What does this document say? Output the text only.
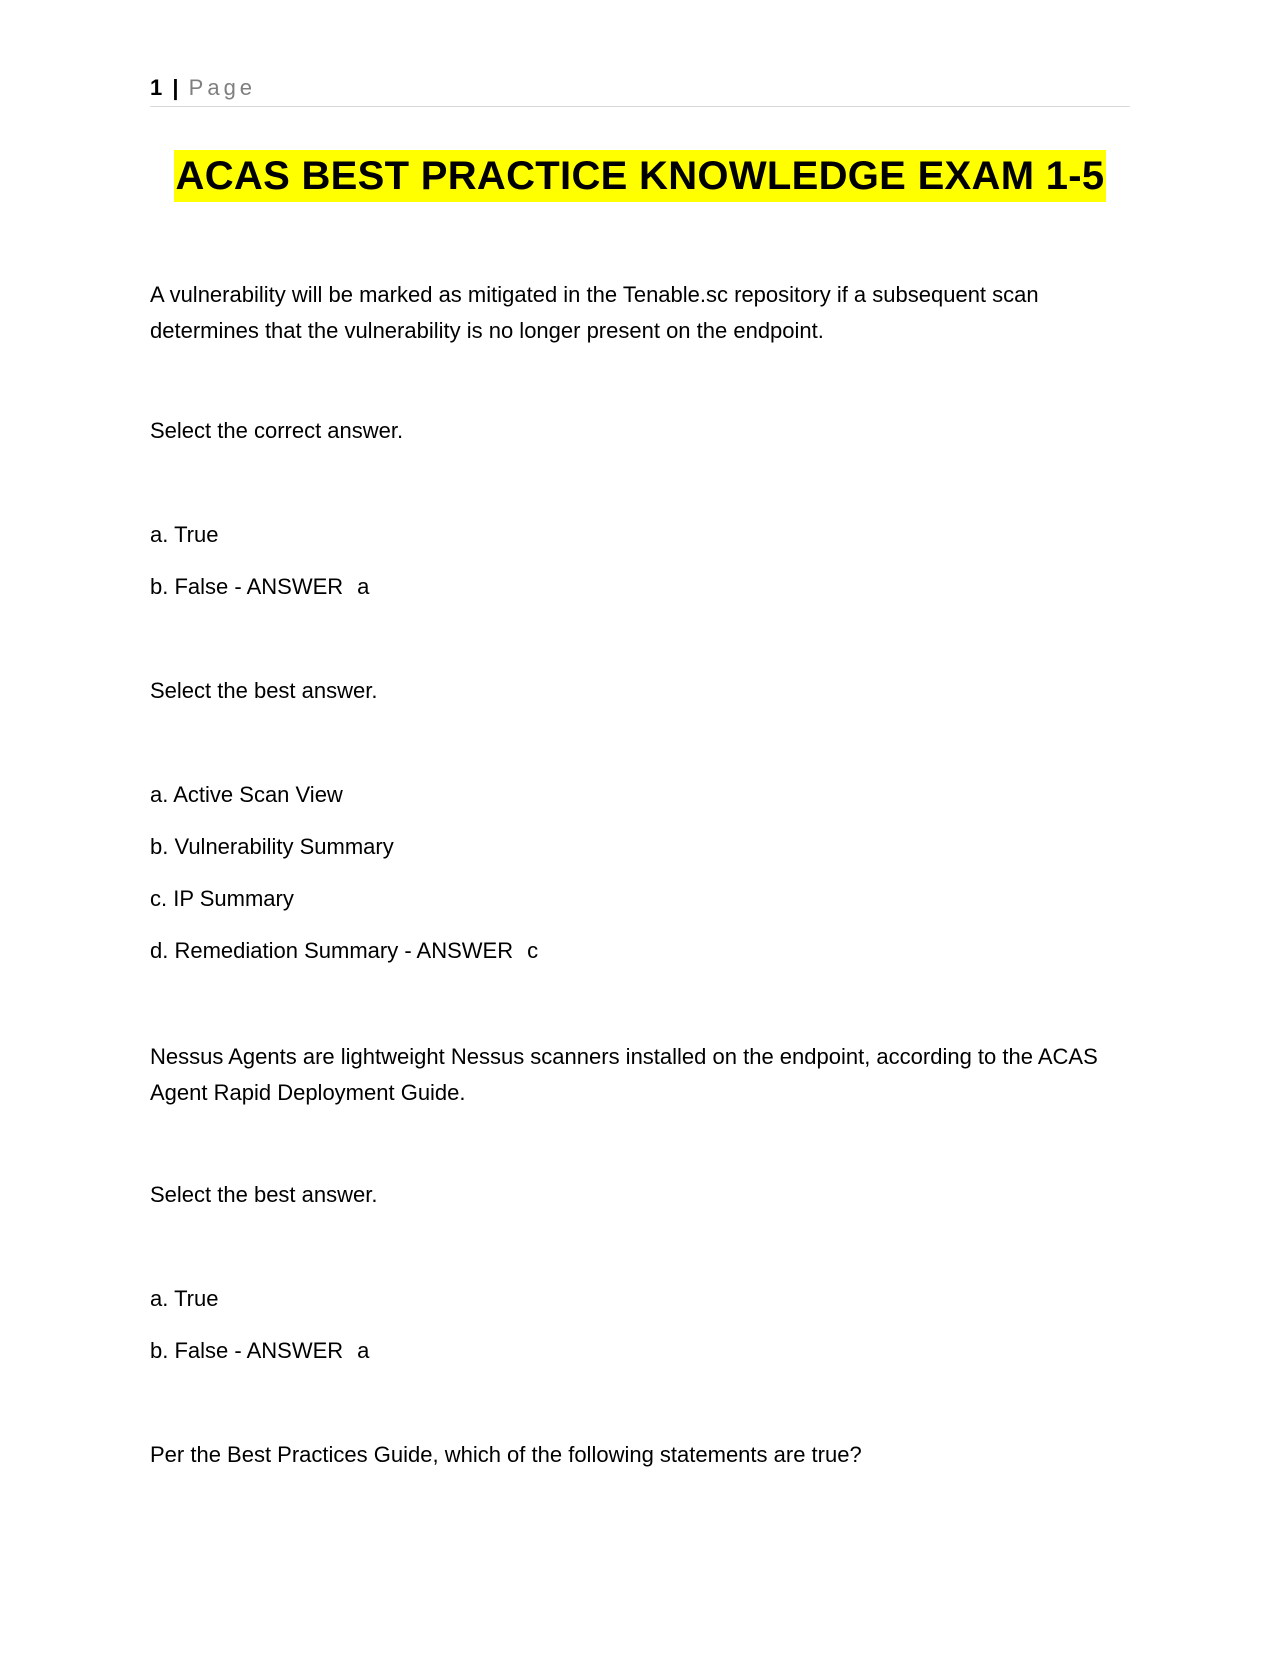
1 | Page
ACAS BEST PRACTICE KNOWLEDGE EXAM 1-5

A vulnerability will be marked as mitigated in the Tenable.sc repository if a subsequent scan determines that the vulnerability is no longer present on the endpoint.

Select the correct answer.

a. True

b. False - ANSWER a

Select the best answer.

a. Active Scan View

b. Vulnerability Summary

c. IP Summary

d. Remediation Summary - ANSWER c

Nessus Agents are lightweight Nessus scanners installed on the endpoint, according to the ACAS Agent Rapid Deployment Guide.

Select the best answer.

a. True

b. False - ANSWER a

Per the Best Practices Guide, which of the following statements are true?
